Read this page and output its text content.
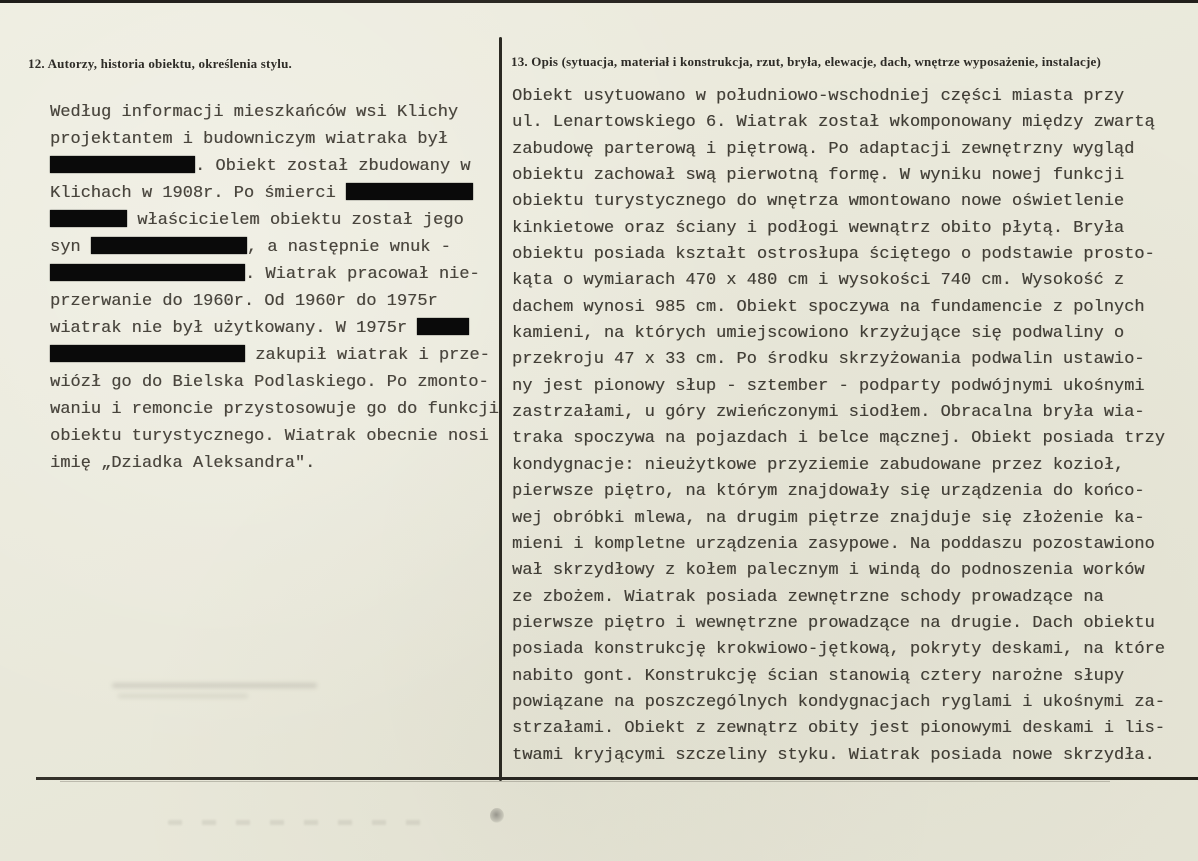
12. Autorzy, historia obiektu, określenia stylu.
Według informacji mieszkańców wsi Klichy
projektantem i budowniczym wiatraka był
. Obiekt został zbudowany w
Klichach w 1908r. Po śmierci
właścicielem obiektu został jego
syn	, a następnie wnuk -
. Wiatrak pracował nie-
przerwanie do 1960r. Od 1960r do 1975r
wiatrak nie był użytkowany. W 1975r
zakupił wiatrak i prze-
wiózł go do Bielska Podlaskiego. Po zmonto-
waniu i remoncie przystosowuje go do funkcji
obiektu turystycznego. Wiatrak obecnie nosi
imię „Dziadka Aleksandra".
13. Opis (sytuacja, materiał i konstrukcja, rzut, bryła, elewacje, dach, wnętrze wyposażenie, instalacje)
Obiekt usytuowano w południowo-wschodniej części miasta przy
ul. Lenartowskiego 6. Wiatrak został wkomponowany między zwartą
zabudowę parterową i piętrową. Po adaptacji zewnętrzny wygląd
obiektu zachował swą pierwotną formę. W wyniku nowej funkcji
obiektu turystycznego do wnętrza wmontowano nowe oświetlenie
kinkietowe oraz ściany i podłogi wewnątrz obito płytą. Bryła
obiektu posiada kształt ostrosłupa ściętego o podstawie prosto-
kąta o wymiarach 470 x 480 cm i wysokości 740 cm. Wysokość z
dachem wynosi 985 cm. Obiekt spoczywa na fundamencie z polnych
kamieni, na których umiejscowiono krzyżujące się podwaliny o
przekroju 47 x 33 cm. Po środku skrzyżowania podwalin ustawio-
ny jest pionowy słup - sztember - podparty podwójnymi ukośnymi
zastrzałami, u góry zwieńczonymi siodłem. Obracalna bryła wia-
traka spoczywa na pojazdach i belce mącznej. Obiekt posiada trzy
kondygnacje: nieużytkowe przyziemie zabudowane przez kozioł,
pierwsze piętro, na którym znajdowały się urządzenia do końco-
wej obróbki mlewa, na drugim piętrze znajduje się złożenie ka-
mieni i kompletne urządzenia zasypowe. Na poddaszu pozostawiono
wał skrzydłowy z kołem palecznym i windą do podnoszenia worków
ze zbożem. Wiatrak posiada zewnętrzne schody prowadzące na
pierwsze piętro i wewnętrzne prowadzące na drugie. Dach obiektu
posiada konstrukcję krokwiowo-jętkową, pokryty deskami, na które
nabito gont. Konstrukcję ścian stanowią cztery narożne słupy
powiązane na poszczególnych kondygnacjach ryglami i ukośnymi za-
strzałami. Obiekt z zewnątrz obity jest pionowymi deskami i lis-
twami kryjącymi szczeliny styku. Wiatrak posiada nowe skrzydła.
